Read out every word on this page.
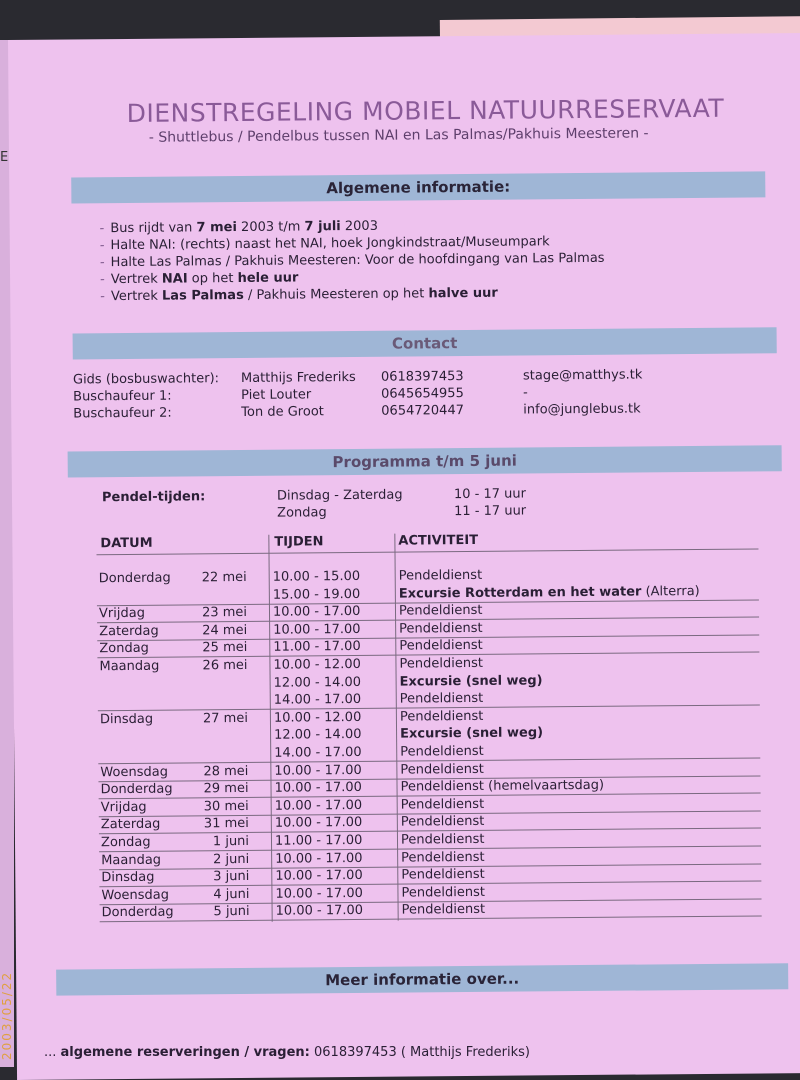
E
DIENSTREGELING MOBIEL NATUURRESERVAAT
- Shuttlebus / Pendelbus tussen NAI en Las Palmas/Pakhuis Meesteren -
Algemene informatie:
- Bus rijdt van 7 mei 2003 t/m 7 juli 2003
- Halte NAI: (rechts) naast het NAI, hoek Jongkindstraat/Museumpark
- Halte Las Palmas / Pakhuis Meesteren: Voor de hoofdingang van Las Palmas
- Vertrek NAI op het hele uur
- Vertrek Las Palmas / Pakhuis Meesteren op het halve uur
Contact
Gids (bosbuswachter): Matthijs Frederiks 0618397453	stage@matthys.tk
Buschaufeur 1:	Piet Louter	0645654955	-
Buschaufeur 2:	Ton de Groot	0654720447	info@junglebus.tk
Programma t/m 5 juni
Pendel-tijden:	Dinsdag - Zaterdag	10 - 17 uur
Zondag	11 - 17 uur
DATUM	TIJDEN	ACTIVITEIT
Donderdag	22 mei 10.00 - 15.00	Pendeldienst
15.00 - 19.00	Excursie Rotterdam en het water (Alterra)
Vrijdag	23 mei 10.00 - 17.00	Pendeldienst
Zaterdag	24 mei 10.00 - 17.00	Pendeldienst
Zondag	25 mei 11.00 - 17.00	Pendeldienst
Maandag	26 mei 10.00 - 12.00	Pendeldienst
12.00 - 14.00	Excursie (snel weg)
14.00 - 17.00	Pendeldienst
Dinsdag	27 mei 10.00 - 12.00	Pendeldienst
12.00 - 14.00	Excursie (snel weg)
14.00 - 17.00	Pendeldienst
Woensdag	28 mei 10.00 - 17.00	Pendeldienst
Donderdag	29 mei 10.00 - 17.00	Pendeldienst (hemelvaartsdag)
Vrijdag	30 mei 10.00 - 17.00	Pendeldienst
Zaterdag	31 mei 10.00 - 17.00	Pendeldienst
Zondag	1 juni 11.00 - 17.00	Pendeldienst
Maandag	2 juni 10.00 - 17.00	Pendeldienst
Dinsdag	3 juni 10.00 - 17.00	Pendeldienst
Woensdag	4 juni 10.00 - 17.00	Pendeldienst
Donderdag	5 juni 10.00 - 17.00	Pendeldienst
Meer informatie over...
... algemene reserveringen / vragen: 0618397453 ( Matthijs Frederiks)
2003/05/22
